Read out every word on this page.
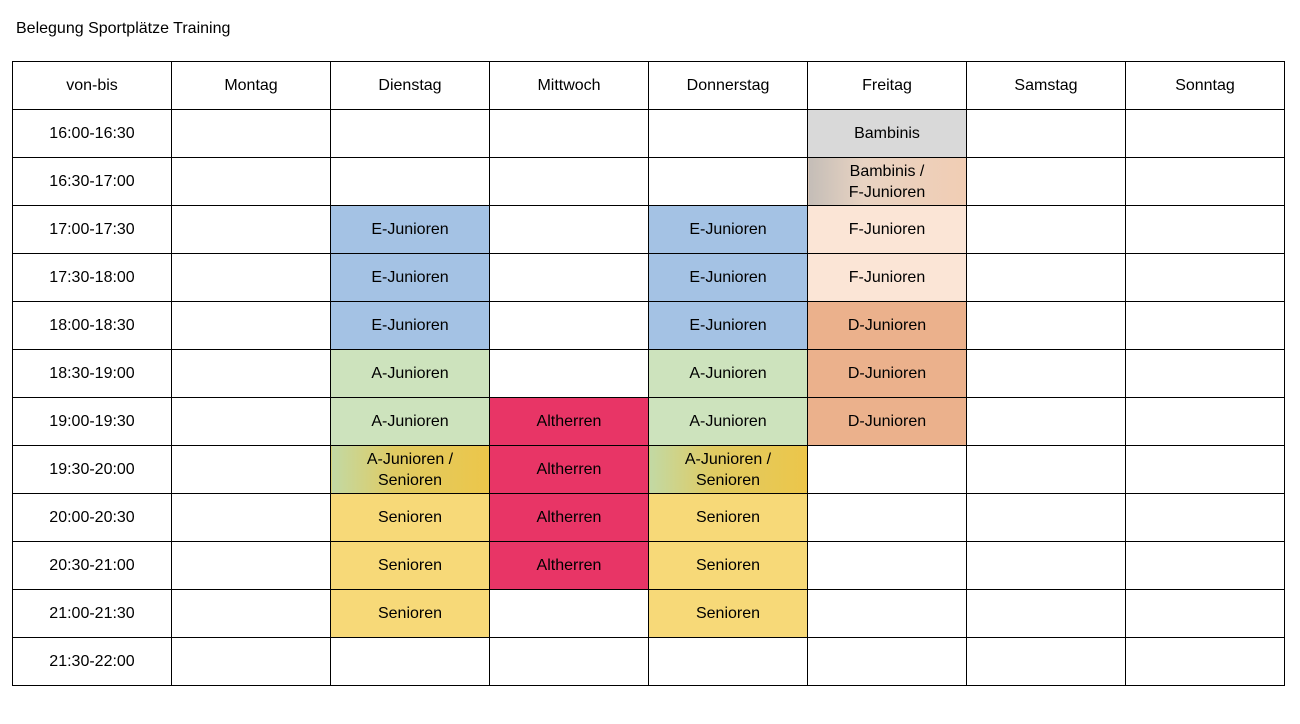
Belegung Sportplätze Training
von-bis	Montag	Dienstag	Mittwoch	Donnerstag	Freitag	Samstag	Sonntag
16:00-16:30					Bambinis		
16:30-17:00					Bambinis /
F-Junioren		
17:00-17:30		E-Junioren		E-Junioren	F-Junioren		
17:30-18:00		E-Junioren		E-Junioren	F-Junioren		
18:00-18:30		E-Junioren		E-Junioren	D-Junioren		
18:30-19:00		A-Junioren		A-Junioren	D-Junioren		
19:00-19:30		A-Junioren	Altherren	A-Junioren	D-Junioren		
19:30-20:00		A-Junioren /
Senioren	Altherren	A-Junioren /
Senioren			
20:00-20:30		Senioren	Altherren	Senioren			
20:30-21:00		Senioren	Altherren	Senioren			
21:00-21:30		Senioren		Senioren			
21:30-22:00							
